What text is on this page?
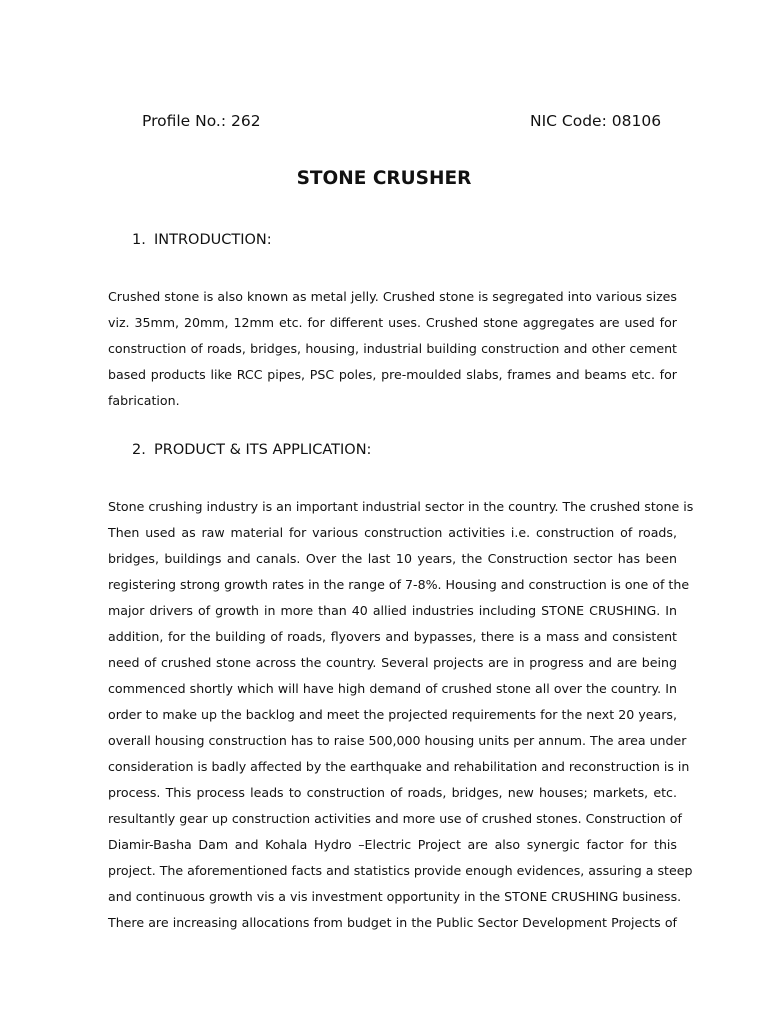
Profile No.: 262	NIC Code: 08106
STONE CRUSHER
1. INTRODUCTION:
Crushed stone is also known as metal jelly. Crushed stone is segregated into various sizes
viz. 35mm, 20mm, 12mm etc. for different uses. Crushed stone aggregates are used for
construction of roads, bridges, housing, industrial building construction and other cement
based products like RCC pipes, PSC poles, pre-moulded slabs, frames and beams etc. for
fabrication.
2. PRODUCT & ITS APPLICATION:
Stone crushing industry is an important industrial sector in the country. The crushed stone is
Then used as raw material for various construction activities i.e. construction of roads,
bridges, buildings and canals. Over the last 10 years, the Construction sector has been
registering strong growth rates in the range of 7-8%. Housing and construction is one of the
major drivers of growth in more than 40 allied industries including STONE CRUSHING. In
addition, for the building of roads, flyovers and bypasses, there is a mass and consistent
need of crushed stone across the country. Several projects are in progress and are being
commenced shortly which will have high demand of crushed stone all over the country. In
order to make up the backlog and meet the projected requirements for the next 20 years,
overall housing construction has to raise 500,000 housing units per annum. The area under
consideration is badly affected by the earthquake and rehabilitation and reconstruction is in
process. This process leads to construction of roads, bridges, new houses; markets, etc.
resultantly gear up construction activities and more use of crushed stones. Construction of
Diamir-Basha Dam and Kohala Hydro –Electric Project are also synergic factor for this
project. The aforementioned facts and statistics provide enough evidences, assuring a steep
and continuous growth vis a vis investment opportunity in the STONE CRUSHING business.
There are increasing allocations from budget in the Public Sector Development Projects of
